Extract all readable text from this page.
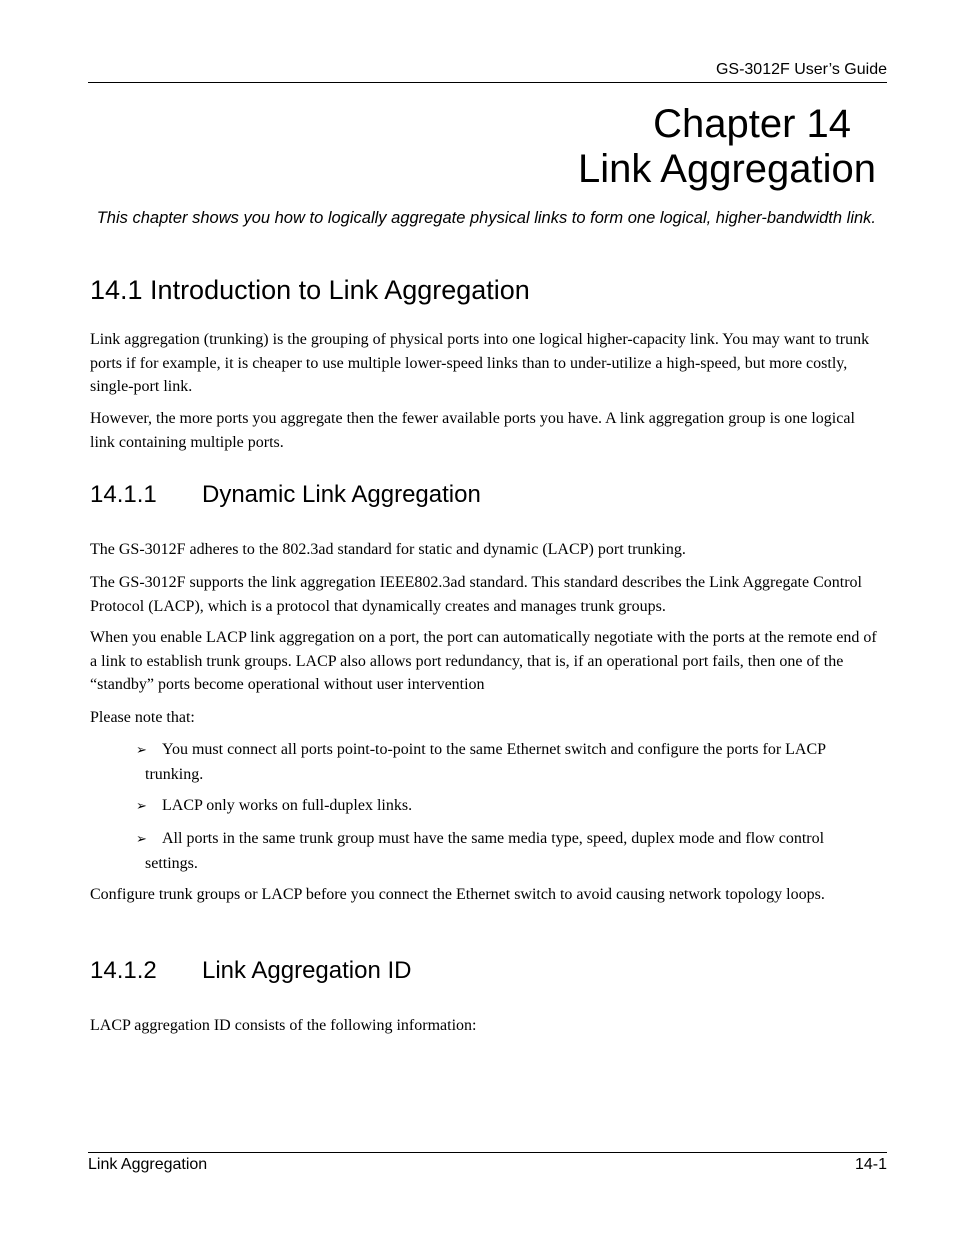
GS-3012F User’s Guide
Chapter 14
Link Aggregation
This chapter shows you how to logically aggregate physical links to form one logical, higher-bandwidth link.
14.1 Introduction to Link Aggregation
Link aggregation (trunking) is the grouping of physical ports into one logical higher-capacity link. You may want to trunk ports if for example, it is cheaper to use multiple lower-speed links than to under-utilize a high-speed, but more costly, single-port link.
However, the more ports you aggregate then the fewer available ports you have. A link aggregation group is one logical link containing multiple ports.
14.1.1 Dynamic Link Aggregation
The GS-3012F adheres to the 802.3ad standard for static and dynamic (LACP) port trunking.
The GS-3012F supports the link aggregation IEEE802.3ad standard. This standard describes the Link Aggregate Control Protocol (LACP), which is a protocol that dynamically creates and manages trunk groups.
When you enable LACP link aggregation on a port, the port can automatically negotiate with the ports at the remote end of a link to establish trunk groups. LACP also allows port redundancy, that is, if an operational port fails, then one of the “standby” ports become operational without user intervention
Please note that:
➢ You must connect all ports point-to-point to the same Ethernet switch and configure the ports for LACP
trunking.
➢ LACP only works on full-duplex links.
➢ All ports in the same trunk group must have the same media type, speed, duplex mode and flow control
settings.
Configure trunk groups or LACP before you connect the Ethernet switch to avoid causing network topology loops.
14.1.2 Link Aggregation ID
LACP aggregation ID consists of the following information:
Link Aggregation	14-1
